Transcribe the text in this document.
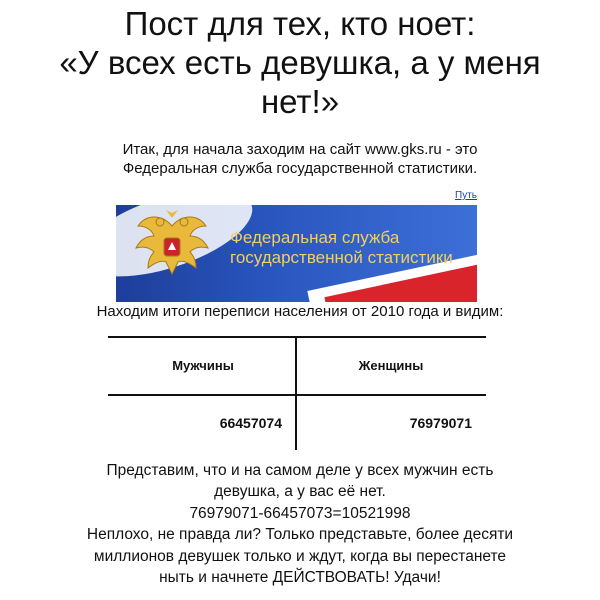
Пост для тех, кто ноет:
«У всех есть девушка, а у меня
нет!»
Итак, для начала заходим на сайт www.gks.ru - это
Федеральная служба государственной статистики.
Путь
Федеральная служба
государственной статистики
Находим итоги переписи населения от 2010 года и видим:
Мужчины	Женщины
66457074	76979071
Представим, что и на самом деле у всех мужчин есть
девушка, а у вас её нет.
76979071-66457073=10521998
Неплохо, не правда ли? Только представьте, более десяти
миллионов девушек только и ждут, когда вы перестанете
ныть и начнете ДЕЙСТВОВАТЬ! Удачи!
